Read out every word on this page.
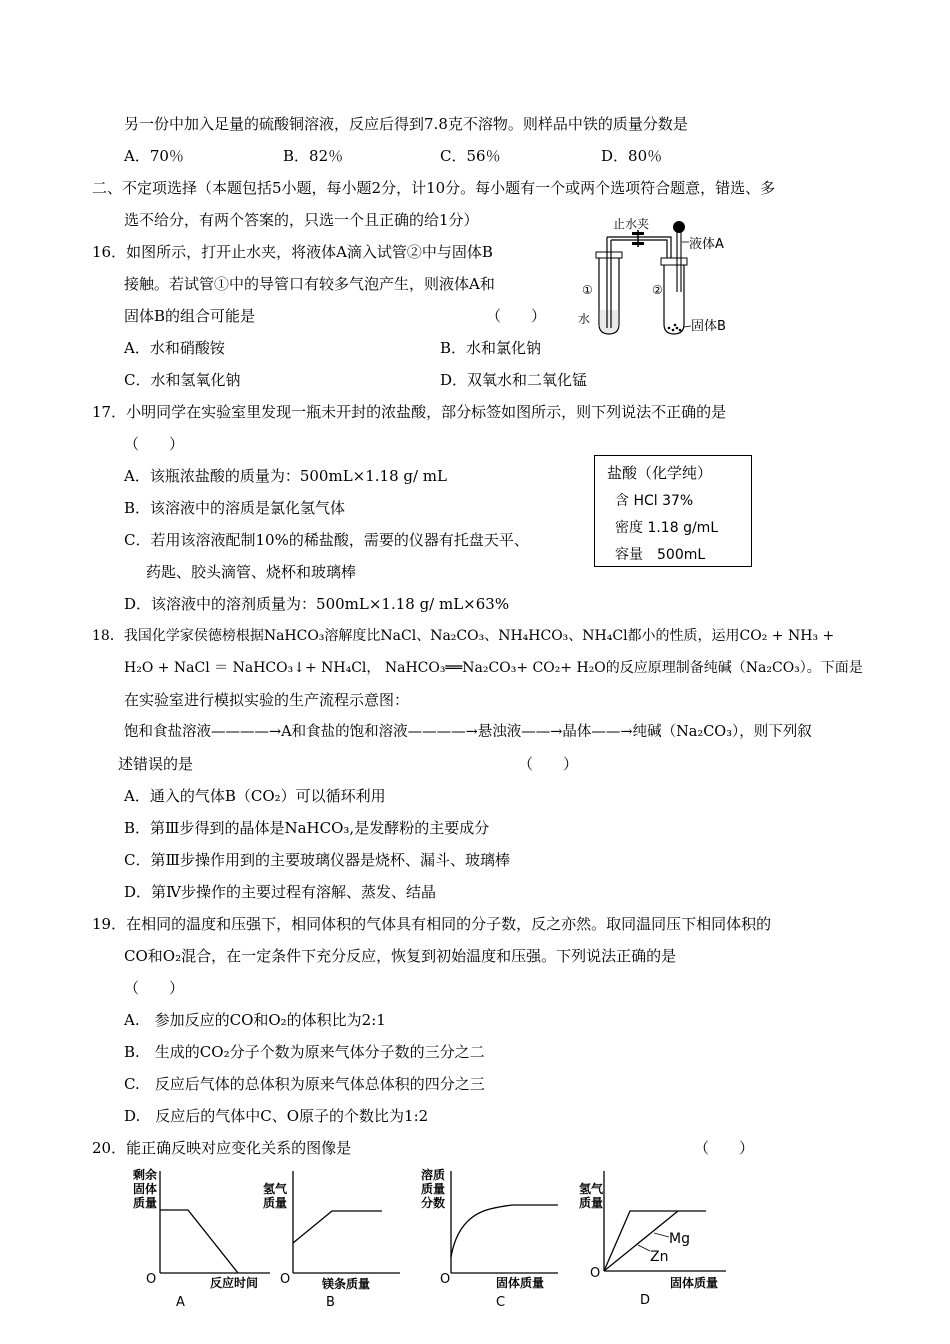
另一份中加入足量的硫酸铜溶液，反应后得到7.8克不溶物。则样品中铁的质量分数是
A．70％	B．82％	C．56％	D．80％
二、不定项选择（本题包括5小题，每小题2分，计10分。每小题有一个或两个选项符合题意，错选、多
选不给分，有两个答案的，只选一个且正确的给1分）
16．如图所示，打开止水夹，将液体A滴入试管②中与固体B
接触。若试管①中的导管口有较多气泡产生，则液体A和
固体B的组合可能是	（　　）
A．水和硝酸铵	B．水和氯化钠
C．水和氢氧化钠	D．双氧水和二氧化锰
止水夹
液体A
①	②
水	固体B
17．小明同学在实验室里发现一瓶未开封的浓盐酸，部分标签如图所示，则下列说法不正确的是
（　　）
A．该瓶浓盐酸的质量为：500mL×1.18 g/ mL
B．该溶液中的溶质是氯化氢气体
C．若用该溶液配制10%的稀盐酸，需要的仪器有托盘天平、
药匙、胶头滴管、烧杯和玻璃棒
D．该溶液中的溶剂质量为：500mL×1.18 g/ mL×63%
盐酸（化学纯）
含 HCl 37%
密度 1.18 g/mL
容量　500mL
18．我国化学家侯德榜根据NaHCO₃溶解度比NaCl、Na₂CO₃、NH₄HCO₃、NH₄Cl都小的性质，运用CO₂ + NH₃ +
H₂O + NaCl ＝ NaHCO₃↓+ NH₄Cl， NaHCO₃══Na₂CO₃+ CO₂+ H₂O的反应原理制备纯碱（Na₂CO₃）。下面是
在实验室进行模拟实验的生产流程示意图：
饱和食盐溶液————→A和食盐的饱和溶液————→悬浊液——→晶体——→纯碱（Na₂CO₃），则下列叙
述错误的是	（　　）
A．通入的气体B（CO₂）可以循环利用
B．第Ⅲ步得到的晶体是NaHCO₃,是发酵粉的主要成分
C．第Ⅲ步操作用到的主要玻璃仪器是烧杯、漏斗、玻璃棒
D．第Ⅳ步操作的主要过程有溶解、蒸发、结晶
19．在相同的温度和压强下，相同体积的气体具有相同的分子数，反之亦然。取同温同压下相同体积的
CO和O₂混合，在一定条件下充分反应，恢复到初始温度和压强。下列说法正确的是
（　　）
A.　参加反应的CO和O₂的体积比为2:1
B.　生成的CO₂分子个数为原来气体分子数的三分之二
C.　反应后气体的总体积为原来气体总体积的四分之三
D.　反应后的气体中C、O原子的个数比为1:2
20．能正确反映对应变化关系的图像是	（　　）
剩余
固体
质量
O	反应时间
A
氢气
质量
O	镁条质量
B
溶质
质量
分数
O	固体质量
C
氢气
质量
Mg
Zn
O
固体质量
D
